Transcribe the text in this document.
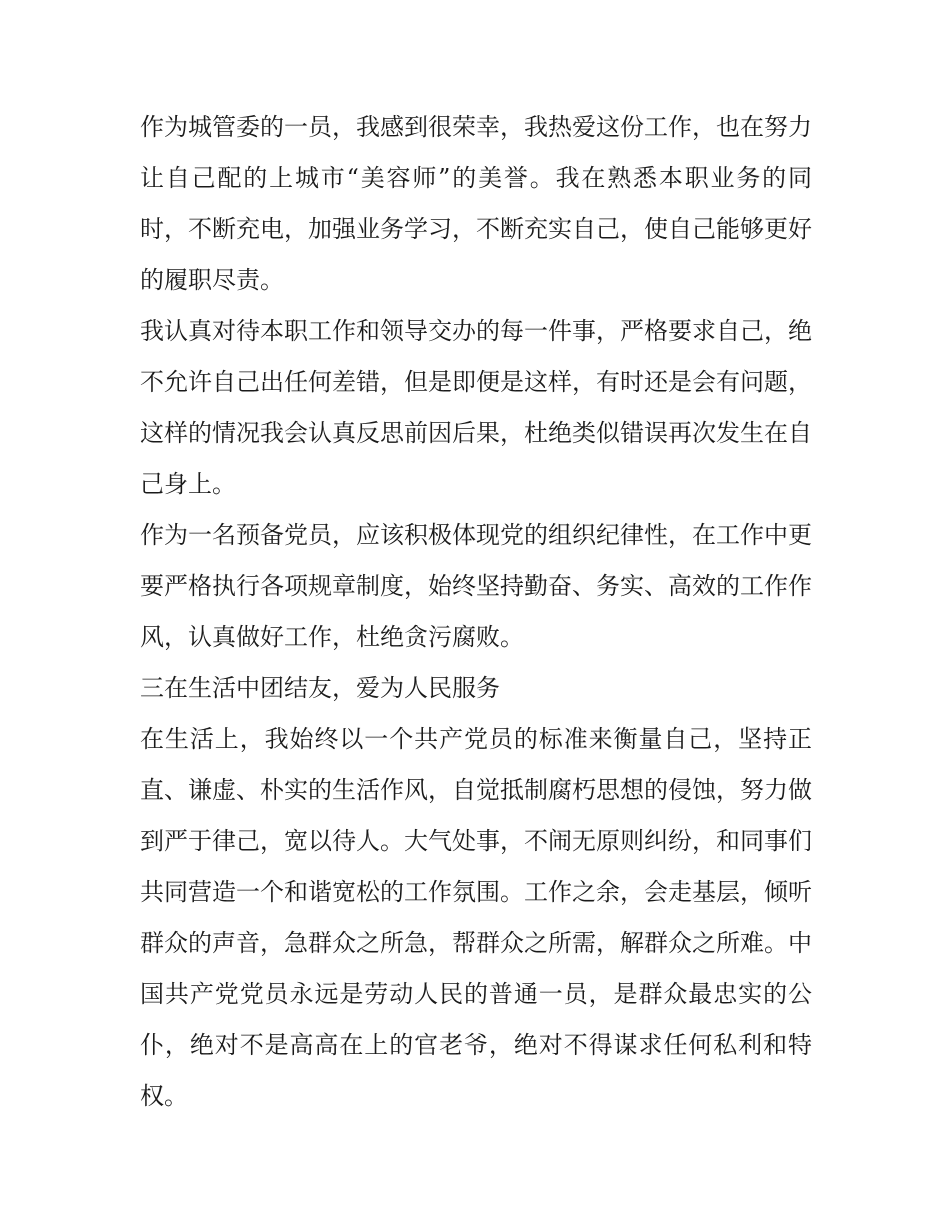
作为城管委的一员，我感到很荣幸，我热爱这份工作，也在努力让自己配的上城市“美容师”的美誉。我在熟悉本职业务的同时，不断充电，加强业务学习，不断充实自己，使自己能够更好的履职尽责。

我认真对待本职工作和领导交办的每一件事，严格要求自己，绝不允许自己出任何差错，但是即便是这样，有时还是会有问题，这样的情况我会认真反思前因后果，杜绝类似错误再次发生在自己身上。

作为一名预备党员，应该积极体现党的组织纪律性，在工作中更要严格执行各项规章制度，始终坚持勤奋、务实、高效的工作作风，认真做好工作，杜绝贪污腐败。

三在生活中团结友，爱为人民服务

在生活上，我始终以一个共产党员的标准来衡量自己，坚持正直、谦虚、朴实的生活作风，自觉抵制腐朽思想的侵蚀，努力做到严于律己，宽以待人。大气处事，不闹无原则纠纷，和同事们共同营造一个和谐宽松的工作氛围。工作之余，会走基层，倾听群众的声音，急群众之所急，帮群众之所需，解群众之所难。中国共产党党员永远是劳动人民的普通一员，是群众最忠实的公仆，绝对不是高高在上的官老爷，绝对不得谋求任何私利和特权。
